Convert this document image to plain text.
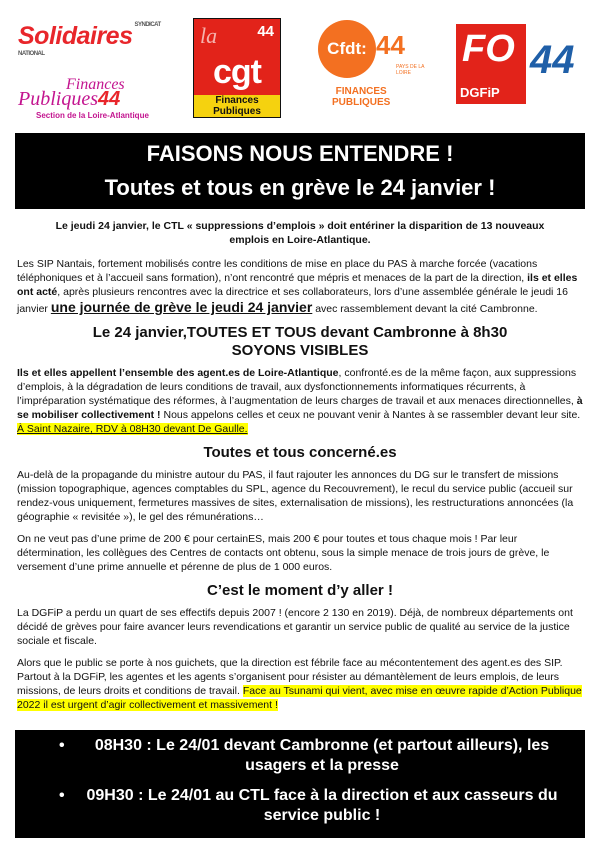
Solidaires $^{SYNDICAT NATIONAL}$
Finances
Publiques44
Section de la Loire-Atlantique
la	44
cgt
Finances
Publiques
Cfdt: 44
PAYS DE LA LOIRE
FINANCES
PUBLIQUES
FO
DGFiP
44
FAISONS NOUS ENTENDRE !
Toutes et tous en grève le 24 janvier !
Le jeudi 24 janvier, le CTL « suppressions d’emplois » doit entériner la disparition de 13 nouveaux emplois en Loire-Atlantique.

Les SIP Nantais, fortement mobilisés contre les conditions de mise en place du PAS à marche forcée (vacations téléphoniques et à l’accueil sans formation), n’ont rencontré que mépris et menaces de la part de la direction, ils et elles ont acté, après plusieurs rencontres avec la directrice et ses collaborateurs, lors d’une assemblée générale le jeudi 16 janvier une journée de grève le jeudi 24 janvier avec rassemblement devant la cité Cambronne.

Le 24 janvier,TOUTES ET TOUS devant Cambronne à 8h30
SOYONS VISIBLES

Ils et elles appellent l’ensemble des agent.es de Loire-Atlantique, confronté.es de la même façon, aux suppressions d’emplois, à la dégradation de leurs conditions de travail, aux dysfonctionnements informatiques récurrents, à l’impréparation systématique des réformes, à l’augmentation de leurs charges de travail et aux menaces directionnelles, à se mobiliser collectivement ! Nous appelons celles et ceux ne pouvant venir à Nantes à se rassembler devant leur site. À Saint Nazaire, RDV à 08H30 devant De Gaulle.

Toutes et tous concerné.es

Au-delà de la propagande du ministre autour du PAS, il faut rajouter les annonces du DG sur le transfert de missions (mission topographique, agences comptables du SPL, agence du Recouvrement), le recul du service public (accueil sur rendez-vous uniquement, fermetures massives de sites, externalisation de missions), les restructurations annoncées (la géographie « revisitée »), le gel des rémunérations…

On ne veut pas d’une prime de 200 € pour certainES, mais 200 € pour toutes et tous chaque mois ! Par leur détermination, les collègues des Centres de contacts ont obtenu, sous la simple menace de trois jours de grève, le versement d’une prime annuelle et pérenne de plus de 1 000 euros.

C’est le moment d’y aller !

La DGFiP a perdu un quart de ses effectifs depuis 2007 ! (encore 2 130 en 2019). Déjà, de nombreux départements ont décidé de grèves pour faire avancer leurs revendications et garantir un service public de qualité au service de la justice sociale et fiscale.

Alors que le public se porte à nos guichets, que la direction est fébrile face au mécontentement des agent.es des SIP. Partout à la DGFiP, les agentes et les agents s’organisent pour résister au démantèlement de leurs emplois, de leurs missions, de leurs droits et conditions de travail. Face au Tsunami qui vient, avec mise en œuvre rapide d’Action Publique 2022 il est urgent d’agir collectivement et massivement !

•	08H30 : Le 24/01 devant Cambronne (et partout ailleurs), les usagers et la presse
•	09H30 : Le 24/01 au CTL face à la direction et aux casseurs du service public !
